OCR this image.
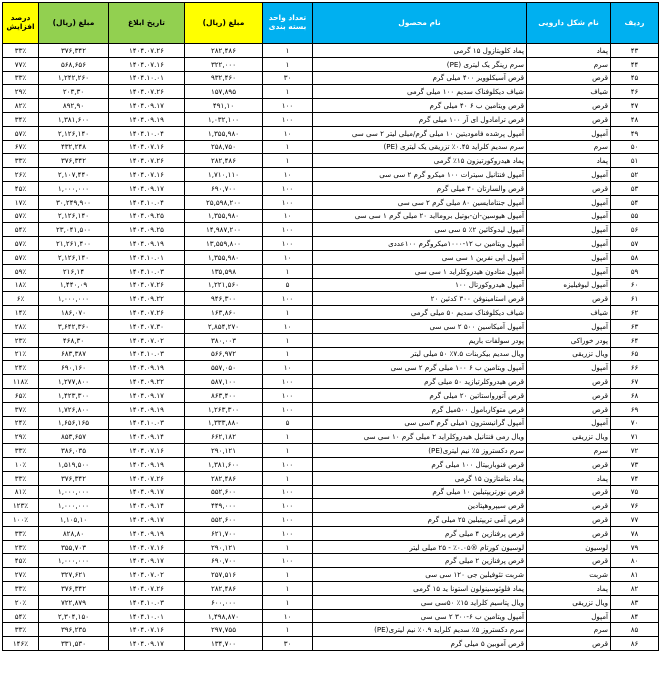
ردیف	نام شکل دارویی	نام محصول	تعداد واحد بسته بندی	مبلغ (ریال)	تاریخ ابلاغ	مبلغ (ریال)	درصد افزایش
۴۳	پماد	پماد کلوبتازول ۱۵ گرمی	۱	۲۸۲,۴۸۶	۱۴۰۴.۰۷.۲۶	۳۷۶,۳۴۲	۳۳٪
۴۴	سرم	سرم رینگر یک لیتری (PE)	۱	۳۲۲,۰۰۰	۱۴۰۴.۰۷.۱۶	۵۶۸,۶۵۶	۷۷٪
۴۵	قرص	قرص آسیکلوویر ۴۰۰ میلی گرم	۳۰	۹۳۲,۴۶۰	۱۴۰۴.۱۰.۰۱	۱,۲۴۲,۲۶۰	۳۳٪
۴۶	شیاف	شیاف دیکلوفناک سدیم ۱۰۰ میلی گرمی	۱	۱۵۷,۸۹۵	۱۴۰۴.۰۷.۲۶	۲۰۳,۳۰	۲۹٪
۴۷	قرص	قرص ویتامین ب ۶ ۴۰ میلی گرم	۱۰۰	۴۹۱,۱۰	۱۴۰۴.۰۹.۱۷	۸۹۲,۹۰	۸۲٪
۴۸	قرص	قرص ترامادول ای آر ۱۰۰ میلی گرم	۱۰۰	۱,۰۳۲,۱۰۰	۱۴۰۴.۰۹.۱۹	۱,۳۸۱,۶۰۰	۳۴٪
۴۹	آمپول	آمپول پرشده فامودیتین ۱۰ میلی گرم/میلی لیتر ۲ سی سی	۱۰	۱,۳۵۵,۹۸۰	۱۴۰۴.۱۰.۰۴	۲,۱۲۶,۱۴۰	۵۷٪
۵۰	سرم	سرم سدیم کلراید ۰.۴۵٪ تزریقی یک لیتری (PE)	۱	۲۵۸,۷۵۰	۱۴۰۴.۰۷.۱۶	۴۳۲,۲۴۸	۶۷٪
۵۱	پماد	پماد هیدروکورتیزون ۱۵٪ گرمی	۱	۲۸۲,۴۸۶	۱۴۰۴.۰۷.۲۶	۳۷۶,۳۴۲	۳۳٪
۵۲	آمپول	آمپول فنتانیل سیترات ۱۰۰ میکرو گرم ۲ سی سی	۱۰	۱,۷۱۰,۱۱۰	۱۴۰۴.۰۷.۱۶	۲,۱۰۷,۴۴۰	۲۶٪
۵۳	قرص	قرص والسارتان ۴۰ میلی گرم	۱۰۰	۶۹۰,۷۰۰	۱۴۰۴.۰۹.۱۷	۱,۰۰۰,۰۰۰	۴۵٪
۵۴	آمپول	آمپول جنتامایسین ۸۰ میلی گرم ۲ سی سی	۱۰۰	۲۵,۵۹۸,۲۰۰	۱۴۰۴.۱۰.۰۴	۳۰,۲۴۹,۹۰۰	۱۷٪
۵۵	آمپول	آمپول هیوسین-ان-بوتیل برومااید ۲۰ میلی گرم ۱ سی سی	۱۰	۱,۳۵۵,۹۸۰	۱۴۰۴.۰۹.۲۵	۲,۱۲۶,۱۴۰	۵۷٪
۵۶	آمپول	آمپول لیدوکائین ۲٪ ۵ سی سی	۱۰۰	۱۴,۹۸۷,۲۰۰	۱۴۰۴.۰۹.۲۵	۲۳,۰۴۱,۵۰۰	۵۴٪
۵۷	آمپول	آمپول ویتامین ب ۱۲-۱۰۰۰میکروگرم ۱۰۰عددی	۱۰۰	۱۳,۵۵۹,۸۰۰	۱۴۰۴.۰۹.۱۹	۲۱,۲۶۱,۴۰۰	۵۷٪
۵۸	آمپول	آمپول اپی نفرین ۱ سی سی	۱۰	۱,۳۵۵,۹۸۰	۱۴۰۴.۱۰.۰۱	۲,۱۲۶,۱۴۰	۵۷٪
۵۹	آمپول	آمپول متادون هیدروکلراید ۱ سی سی	۱	۱۳۵,۵۹۸	۱۴۰۴.۱۰.۰۳	۲۱۶,۱۴	۵۹٪
۶۰	آمپول لیوفیلیزه	آمپول هیدروکورتال ۱۰۰	۵	۱,۲۲۱,۵۶۰	۱۴۰۴.۰۷.۲۶	۱,۴۴۰,۰۹	۱۸٪
۶۱	قرص	قرص استامینوفن ۳۰۰ کدئین ۲۰	۱۰۰	۹۴۶,۳۰۰	۱۴۰۴.۰۹.۲۲	۱,۰۰۰,۰۰۰	۶٪
۶۲	شیاف	شیاف دیکلوفناک سدیم ۵۰ میلی گرمی	۱	۱۶۳,۸۶۰	۱۴۰۴.۰۷.۲۶	۱۸۶,۰۷۰	۱۴٪
۶۳	آمپول	آمپول آمیکاسین ۵۰۰ ۲ سی سی	۱۰	۲,۸۵۴,۲۷۰	۱۴۰۴.۰۷.۳۰	۳,۶۴۲,۳۶۰	۲۸٪
۶۴	پودر خوراکی	پودر سولفات باریم	۱	۳۸۰,۰۰۳	۱۴۰۴.۰۷.۰۲	۴۶۸,۳۰	۲۳٪
۶۵	ویال تزریقی	ویال سدیم بیکربنات ۷.۵٪ ۵۰ میلی لیتر	۱	۵۶۶,۹۷۲	۱۴۰۴.۱۰.۰۳	۶۸۳,۳۸۷	۲۱٪
۶۶	آمپول	آمپول ویتامین ب ۶ ۱۰۰ میلی گرم ۲ سی سی	۱۰	۵۵۷,۰۵۰	۱۴۰۴.۰۹.۱۹	۶۹۰,۱۶۰	۲۴٪
۶۷	قرص	قرص هیدروکلرتیازید ۵۰ میلی گرم	۱۰۰	۵۸۷,۱۰۰	۱۴۰۴.۰۹.۲۲	۱,۲۷۷,۸۰۰	۱۱۸٪
۶۸	قرص	قرص آتورواستاتین ۲۰ میلی گرم	۱۰۰	۸۶۳,۴۰۰	۱۴۰۴.۰۹.۱۷	۱,۴۲۳,۳۰۰	۶۵٪
۶۹	قرص	قرص متوکاربامول ۵۰۰میل گرم	۱۰۰	۱,۲۶۳,۳۰۰	۱۴۰۴.۰۹.۱۹	۱,۷۲۶,۸۰۰	۳۷٪
۷۰	آمپول	آمپول گرانیسترون ۱میلی گرم ۳سی سی	۵	۱,۳۳۳,۸۸۰	۱۴۰۴.۱۰.۰۳	۱,۶۵۶,۱۶۵	۲۴٪
۷۱	ویال تزریقی	ویال رمی فنتانیل هیدروکلراید ۲ میلی گرم ۱۰ سی سی	۱	۶۶۲,۱۸۲	۱۴۰۴.۰۹.۱۴	۸۵۳,۶۵۷	۲۹٪
۷۲	سرم	سرم دکستروز ۵٪ نیم لیتری(PE)	۱	۲۹۰,۱۲۱	۱۴۰۴.۰۷.۱۶	۳۸۶,۰۳۵	۳۳٪
۷۳	قرص	قرص فنوباربیتال ۱۰۰ میلی گرم	۱۰۰	۱,۳۸۱,۶۰۰	۱۴۰۴.۰۹.۱۹	۱,۵۱۹,۵۰۰	۱۰٪
۷۴	پماد	پماد بتامتازون ۱۵ گرمی	۱	۲۸۲,۴۸۶	۱۴۰۴.۰۷.۲۶	۳۷۶,۳۴۲	۳۳٪
۷۵	قرص	قرص نورتریپتیلین ۱۰ میلی گرم	۱۰۰	۵۵۲,۶۰۰	۱۴۰۴.۰۹.۱۷	۱,۰۰۰,۰۰۰	۸۱٪
۷۶	قرص	قرص سیپروهپتادین	۱۰۰	۴۴۹,۰۰۰	۱۴۰۴.۰۹.۱۴	۱,۰۰۰,۰۰۰	۱۲۳٪
۷۷	قرص	قرص آمی تریپتیلین ۲۵ میلی گرم	۱۰۰	۵۵۲,۶۰۰	۱۴۰۴.۰۹.۱۷	۱,۱۰۵,۱۰	۱۰۰٪
۷۸	قرص	قرص پرفنازین ۴ میلی گرم	۱۰۰	۶۲۱,۷۰۰	۱۴۰۴.۰۹.۱۹	۸۲۸,۸۰	۳۳٪
۷۹	لوسیون	لوسیون کورتام ®۰.۰۵٪ - ۲۵ میلی لیتر	۱	۲۹۰,۱۲۱	۱۴۰۴.۰۷.۱۶	۳۵۵,۷۰۳	۲۳٪
۸۰	قرص	قرص پرفنازین ۲ میلی گرم	۱۰۰	۶۹۰,۷۰۰	۱۴۰۴.۰۹.۱۷	۱,۰۰۰,۰۰۰	۴۵٪
۸۱	شربت	شربت تئوفیلین جی ۱۲۰ سی سی	۱	۲۵۷,۵۱۶	۱۴۰۴.۰۷.۰۲	۳۲۷,۶۲۱	۲۷٪
۸۲	پماد	پماد فلوئوسینولون استونا ید ۱۵ گرمی	۱	۲۸۲,۴۸۶	۱۴۰۴.۰۷.۲۶	۳۷۶,۳۴۲	۳۳٪
۸۳	ویال تزریقی	ویال پتاسیم کلراید ۱۵٪ ۵۰سی سی	۱	۶۰۰,۰۰۰	۱۴۰۴.۱۰.۰۳	۷۲۲,۸۷۹	۲۰٪
۸۴	آمپول	آمپول ویتامین ب ۶-۳۰۰ ۲ سی سی	۱۰	۱,۴۹۸,۸۷۰	۱۴۰۴.۱۰.۰۱	۲,۳۰۴,۱۵۰	۵۴٪
۸۵	سرم	سرم دکستروز ۵٪ سدیم کلراید ۰.۹٪ نیم لیتری(PE)	۱	۲۹۷,۷۵۵	۱۴۰۴.۰۷.۱۶	۳۹۶,۲۳۵	۳۳٪
۸۶	قرص	قرص آموبین ۵ میلی گرم	۳۰	۱۳۴,۷۰۰	۱۴۰۴.۰۹.۱۷	۳۳۱,۵۳۰	۱۴۶٪
